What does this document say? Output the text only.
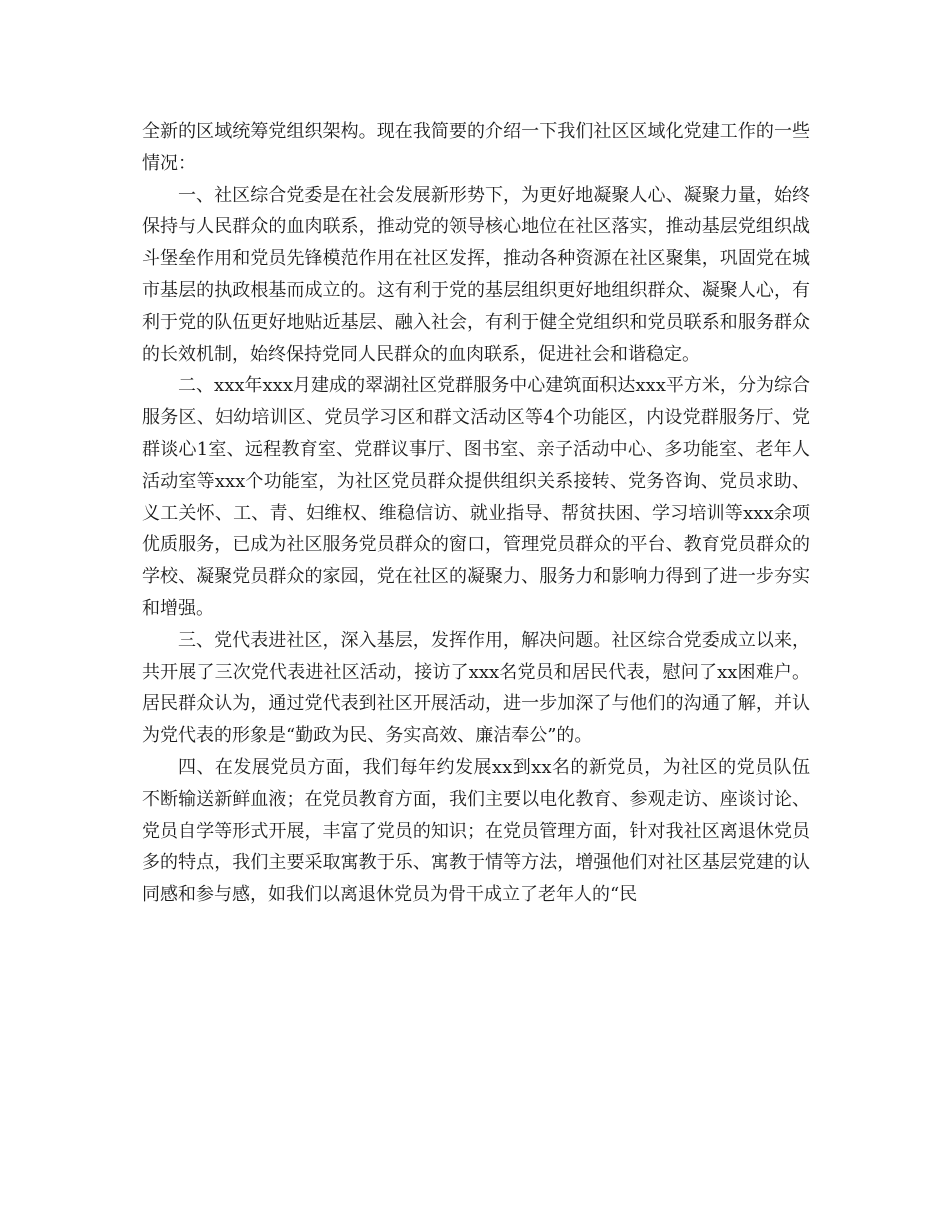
全新的区域统筹党组织架构。现在我简要的介绍一下我们社区区域化党建工作的一些情况：

一、社区综合党委是在社会发展新形势下，为更好地凝聚人心、凝聚力量，始终保持与人民群众的血肉联系，推动党的领导核心地位在社区落实，推动基层党组织战斗堡垒作用和党员先锋模范作用在社区发挥，推动各种资源在社区聚集，巩固党在城市基层的执政根基而成立的。这有利于党的基层组织更好地组织群众、凝聚人心，有利于党的队伍更好地贴近基层、融入社会，有利于健全党组织和党员联系和服务群众的长效机制，始终保持党同人民群众的血肉联系，促进社会和谐稳定。

二、xxx年xxx月建成的翠湖社区党群服务中心建筑面积达xxx平方米，分为综合服务区、妇幼培训区、党员学习区和群文活动区等4个功能区，内设党群服务厅、党群谈心1室、远程教育室、党群议事厅、图书室、亲子活动中心、多功能室、老年人活动室等xxx个功能室，为社区党员群众提供组织关系接转、党务咨询、党员求助、义工关怀、工、青、妇维权、维稳信访、就业指导、帮贫扶困、学习培训等xxx余项优质服务，已成为社区服务党员群众的窗口，管理党员群众的平台、教育党员群众的学校、凝聚党员群众的家园，党在社区的凝聚力、服务力和影响力得到了进一步夯实和增强。

三、党代表进社区，深入基层，发挥作用，解决问题。社区综合党委成立以来，共开展了三次党代表进社区活动，接访了xxx名党员和居民代表，慰问了xx困难户。居民群众认为，通过党代表到社区开展活动，进一步加深了与他们的沟通了解，并认为党代表的形象是“勤政为民、务实高效、廉洁奉公”的。

四、在发展党员方面，我们每年约发展xx到xx名的新党员，为社区的党员队伍不断输送新鲜血液；在党员教育方面，我们主要以电化教育、参观走访、座谈讨论、党员自学等形式开展，丰富了党员的知识；在党员管理方面，针对我社区离退休党员多的特点，我们主要采取寓教于乐、寓教于情等方法，增强他们对社区基层党建的认同感和参与感，如我们以离退休党员为骨干成立了老年人的“民
